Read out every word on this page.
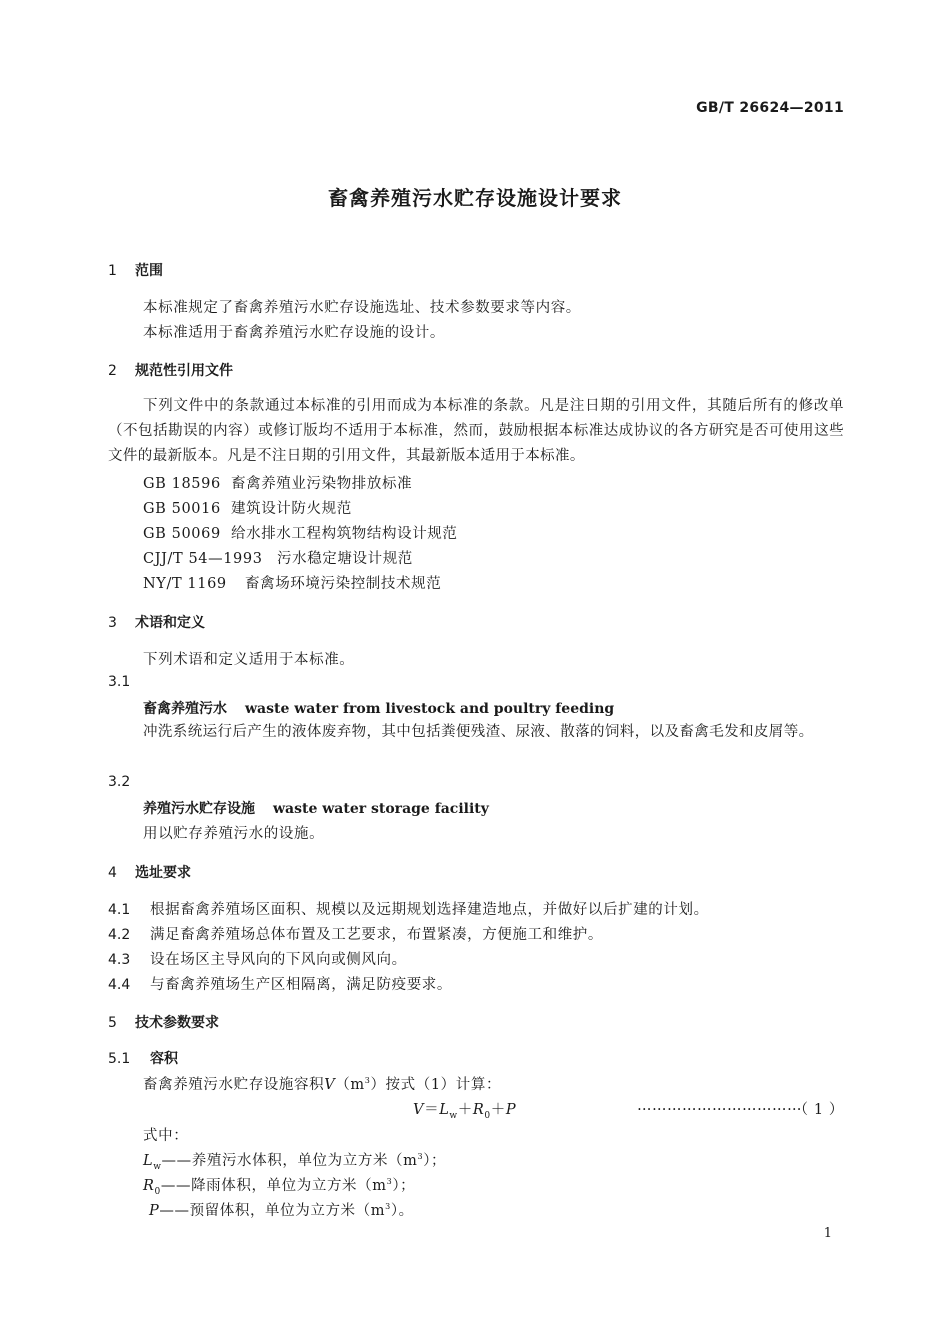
GB/T 26624—2011
畜禽养殖污水贮存设施设计要求
1 范围
本标准规定了畜禽养殖污水贮存设施选址、技术参数要求等内容。
本标准适用于畜禽养殖污水贮存设施的设计。
2 规范性引用文件
下列文件中的条款通过本标准的引用而成为本标准的条款。凡是注日期的引用文件，其随后所有的修改单（不包括勘误的内容）或修订版均不适用于本标准，然而，鼓励根据本标准达成协议的各方研究是否可使用这些文件的最新版本。凡是不注日期的引用文件，其最新版本适用于本标准。
GB 18596 畜禽养殖业污染物排放标准
GB 50016 建筑设计防火规范
GB 50069 给水排水工程构筑物结构设计规范
CJJ/T 54—1993 污水稳定塘设计规范
NY/T 1169 畜禽场环境污染控制技术规范
3 术语和定义
下列术语和定义适用于本标准。
3.1
畜禽养殖污水 waste water from livestock and poultry feeding
冲洗系统运行后产生的液体废弃物，其中包括粪便残渣、尿液、散落的饲料，以及畜禽毛发和皮屑等。
3.2
养殖污水贮存设施 waste water storage facility
用以贮存养殖污水的设施。
4 选址要求
4.1 根据畜禽养殖场区面积、规模以及远期规划选择建造地点，并做好以后扩建的计划。
4.2 满足畜禽养殖场总体布置及工艺要求，布置紧凑，方便施工和维护。
4.3 设在场区主导风向的下风向或侧风向。
4.4 与畜禽养殖场生产区相隔离，满足防疫要求。
5 技术参数要求
5.1 容积
畜禽养殖污水贮存设施容积$V(m^3)$按式（1）计算：
$V=L_w+R_0+P$	……………………………
（ 1 ）
式中：
$L_w——$养殖污水体积，单位为立方米$(m^3)$；
$R_0——$降雨体积，单位为立方米$(m^3)$；
P——预留体积，单位为立方米$(m^3)$。
1
